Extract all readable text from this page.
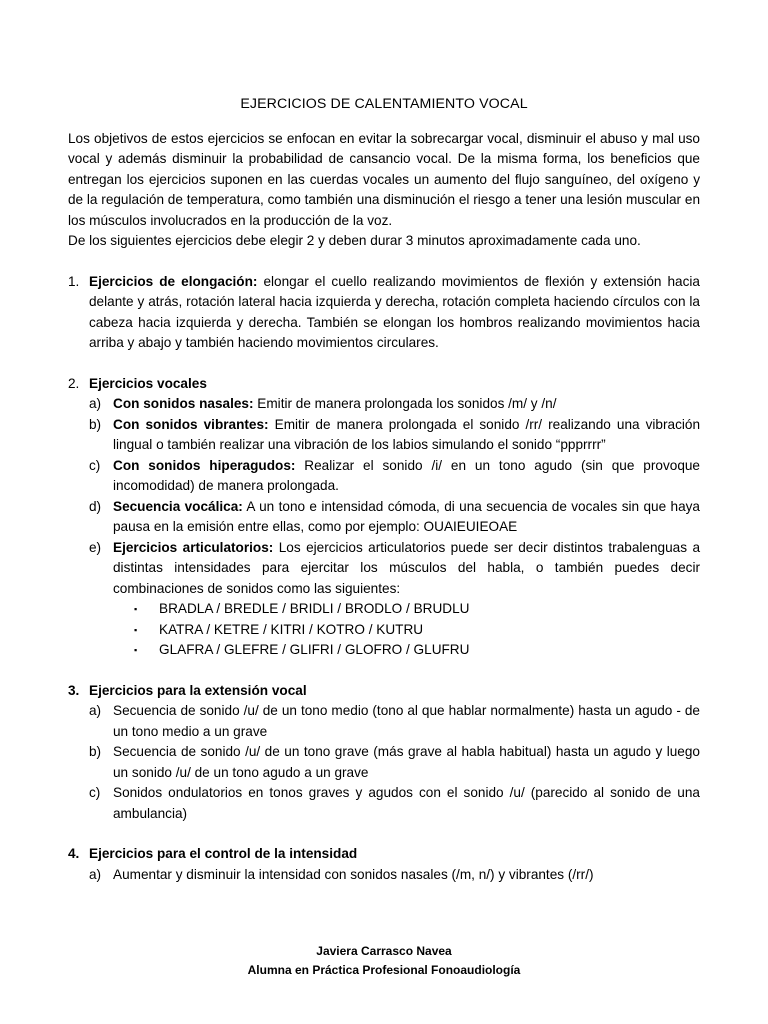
EJERCICIOS DE CALENTAMIENTO VOCAL

Los objetivos de estos ejercicios se enfocan en evitar la sobrecargar vocal, disminuir el abuso y mal uso vocal y además disminuir la probabilidad de cansancio vocal. De la misma forma, los beneficios que entregan los ejercicios suponen en las cuerdas vocales un aumento del flujo sanguíneo, del oxígeno y de la regulación de temperatura, como también una disminución el riesgo a tener una lesión muscular en los músculos involucrados en la producción de la voz.

De los siguientes ejercicios debe elegir 2 y deben durar 3 minutos aproximadamente cada uno.

1. Ejercicios de elongación: elongar el cuello realizando movimientos de flexión y extensión hacia delante y atrás, rotación lateral hacia izquierda y derecha, rotación completa haciendo círculos con la cabeza hacia izquierda y derecha. También se elongan los hombros realizando movimientos hacia arriba y abajo y también haciendo movimientos circulares.
2. Ejercicios vocales
a) Con sonidos nasales: Emitir de manera prolongada los sonidos /m/ y /n/
b) Con sonidos vibrantes: Emitir de manera prolongada el sonido /rr/ realizando una vibración lingual o también realizar una vibración de los labios simulando el sonido “ppprrrr”
c) Con sonidos hiperagudos: Realizar el sonido /i/ en un tono agudo (sin que provoque incomodidad) de manera prolongada.
d) Secuencia vocálica: A un tono e intensidad cómoda, di una secuencia de vocales sin que haya pausa en la emisión entre ellas, como por ejemplo: OUAIEUIEOAE
e) Ejercicios articulatorios: Los ejercicios articulatorios puede ser decir distintos trabalenguas a distintas intensidades para ejercitar los músculos del habla, o también puedes decir combinaciones de sonidos como las siguientes:
▪	BRADLA / BREDLE / BRIDLI / BRODLO / BRUDLU
▪	KATRA / KETRE / KITRI / KOTRO / KUTRU
▪	GLAFRA / GLEFRE / GLIFRI / GLOFRO / GLUFRU
3. Ejercicios para la extensión vocal
a) Secuencia de sonido /u/ de un tono medio (tono al que hablar normalmente) hasta un agudo - de un tono medio a un grave
b) Secuencia de sonido /u/ de un tono grave (más grave al habla habitual) hasta un agudo y luego un sonido /u/ de un tono agudo a un grave
c) Sonidos ondulatorios en tonos graves y agudos con el sonido /u/ (parecido al sonido de una ambulancia)
4. Ejercicios para el control de la intensidad
a) Aumentar y disminuir la intensidad con sonidos nasales (/m, n/) y vibrantes (/rr/)
Javiera Carrasco Navea
Alumna en Práctica Profesional Fonoaudiología
